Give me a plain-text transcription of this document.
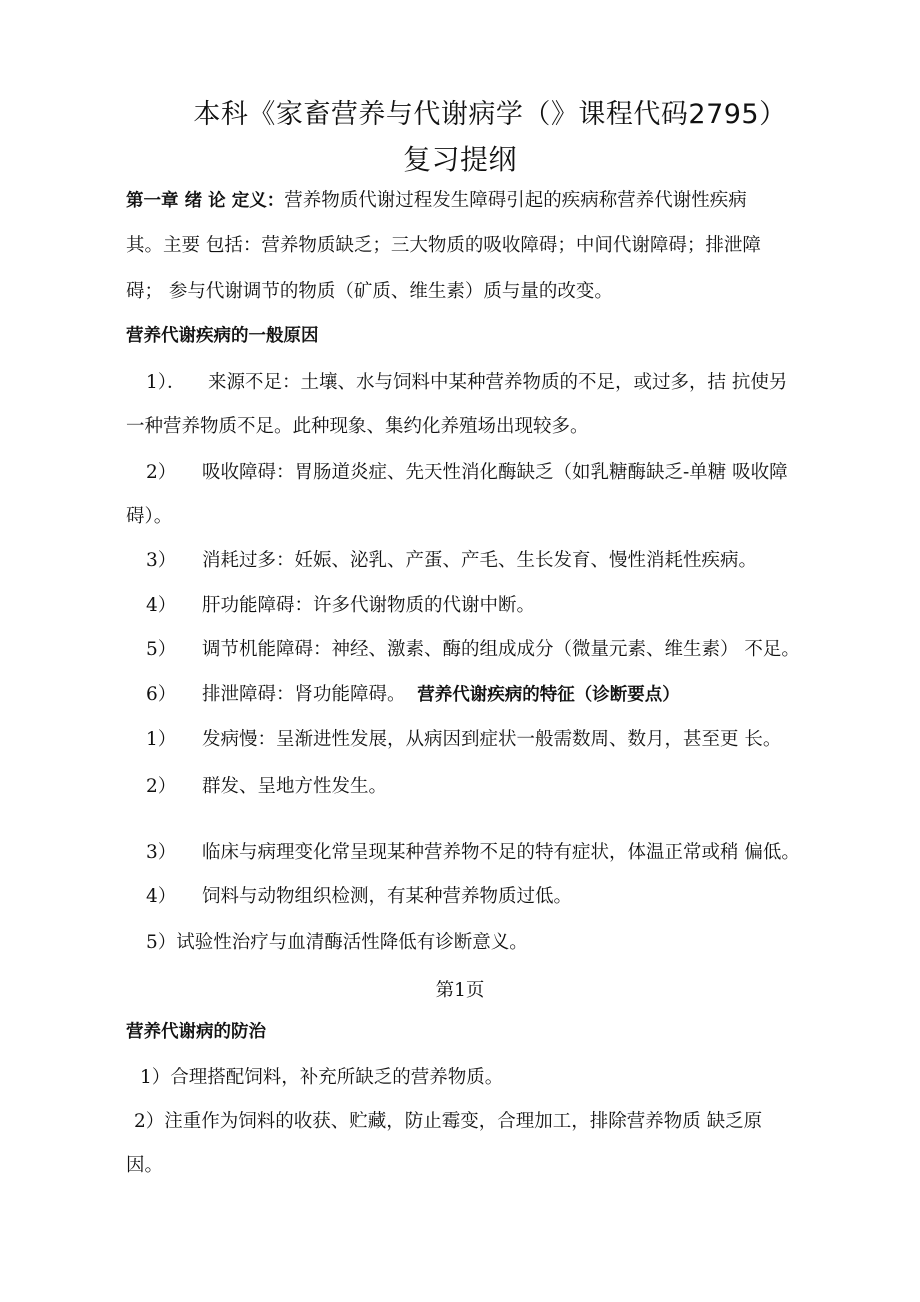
本科《家畜营养与代谢病学（》课程代码2795）
复习提纲
第一章 绪 论 定义：营养物质代谢过程发生障碍引起的疾病称营养代谢性疾病
其。主要 包括：营养物质缺乏；三大物质的吸收障碍；中间代谢障碍；排泄障
碍； 参与代谢调节的物质（矿质、维生素）质与量的改变。
营养代谢疾病的一般原因
1）． 来源不足：土壤、水与饲料中某种营养物质的不足，或过多，拮 抗使另
一种营养物质不足。此种现象、集约化养殖场出现较多。
2） 吸收障碍：胃肠道炎症、先天性消化酶缺乏（如乳糖酶缺乏-单糖 吸收障
碍）。
3） 消耗过多：妊娠、泌乳、产蛋、产毛、生长发育、慢性消耗性疾病。
4） 肝功能障碍：许多代谢物质的代谢中断。
5） 调节机能障碍：神经、激素、酶的组成成分（微量元素、维生素） 不足。
6） 排泄障碍：肾功能障碍。 营养代谢疾病的特征（诊断要点）
1） 发病慢：呈渐进性发展，从病因到症状一般需数周、数月，甚至更 长。
2） 群发、呈地方性发生。
3） 临床与病理变化常呈现某种营养物不足的特有症状，体温正常或稍 偏低。
4） 饲料与动物组织检测，有某种营养物质过低。
5）试验性治疗与血清酶活性降低有诊断意义。
第1页
营养代谢病的防治
1）合理搭配饲料，补充所缺乏的营养物质。
2）注重作为饲料的收获、贮藏，防止霉变，合理加工，排除营养物质 缺乏原
因。
